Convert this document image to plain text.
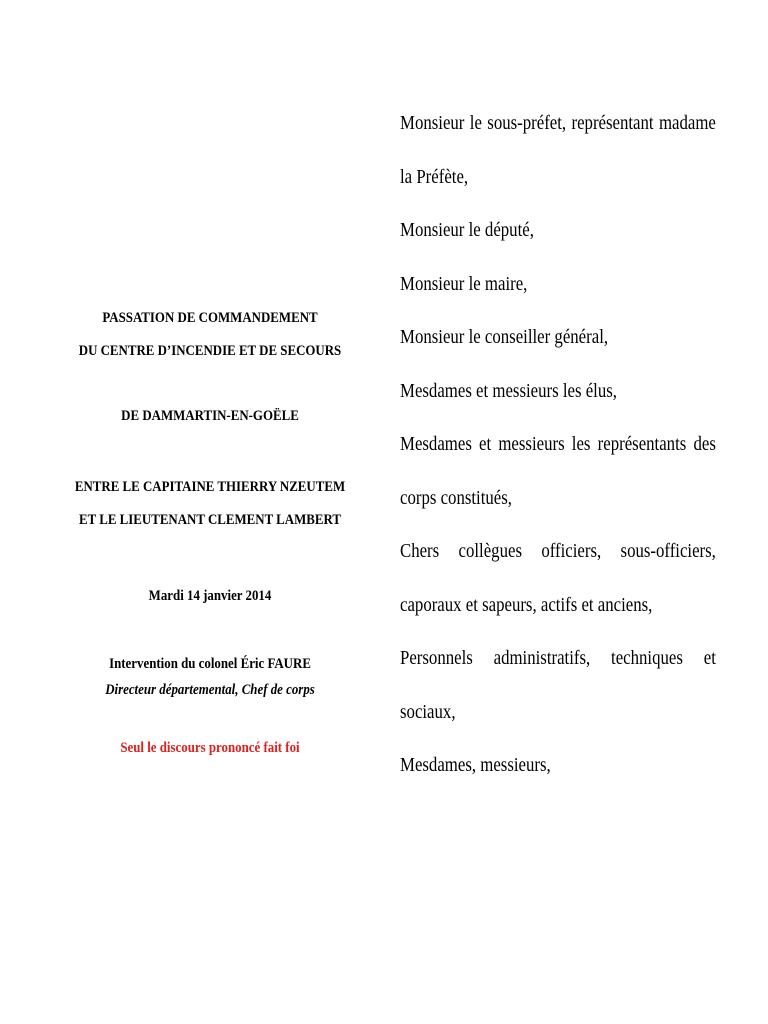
PASSATION DE COMMANDEMENT
DU CENTRE D’INCENDIE ET DE SECOURS
DE DAMMARTIN-EN-GOËLE
ENTRE LE CAPITAINE THIERRY NZEUTEM
ET LE LIEUTENANT CLEMENT LAMBERT
Mardi 14 janvier 2014
Intervention du colonel Éric FAURE
Directeur départemental, Chef de corps
Seul le discours prononcé fait foi
Monsieur le sous-préfet, représentant madame
la Préfète,
Monsieur le député,
Monsieur le maire,
Monsieur le conseiller général,
Mesdames et messieurs les élus,
Mesdames et messieurs les représentants des
corps constitués,
Chers collègues officiers, sous-officiers,
caporaux et sapeurs, actifs et anciens,
Personnels administratifs, techniques et
sociaux,
Mesdames, messieurs,
